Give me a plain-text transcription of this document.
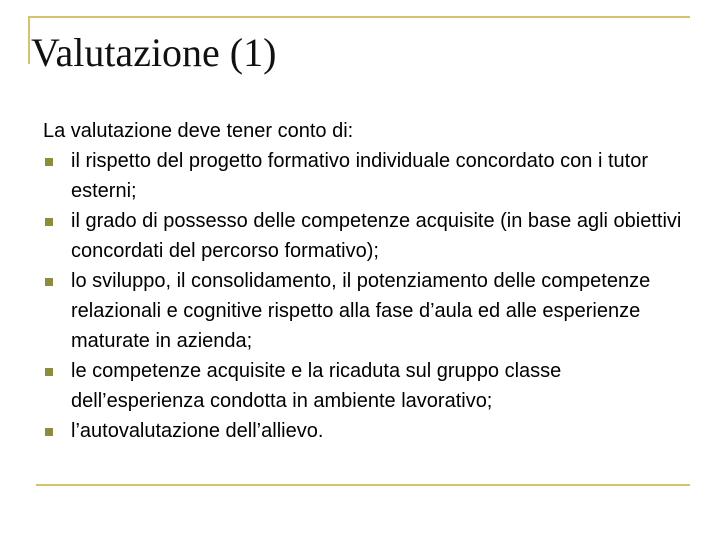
Valutazione (1)

La valutazione deve tener conto di:

il rispetto del progetto formativo individuale concordato con i tutor esterni;
il grado di possesso delle competenze acquisite (in base agli obiettivi concordati del percorso formativo);
lo sviluppo, il consolidamento, il potenziamento delle competenze relazionali e cognitive rispetto alla fase d’aula ed alle esperienze maturate in azienda;
le competenze acquisite e la ricaduta sul gruppo classe dell’esperienza condotta in ambiente lavorativo;
l’autovalutazione dell’allievo.
